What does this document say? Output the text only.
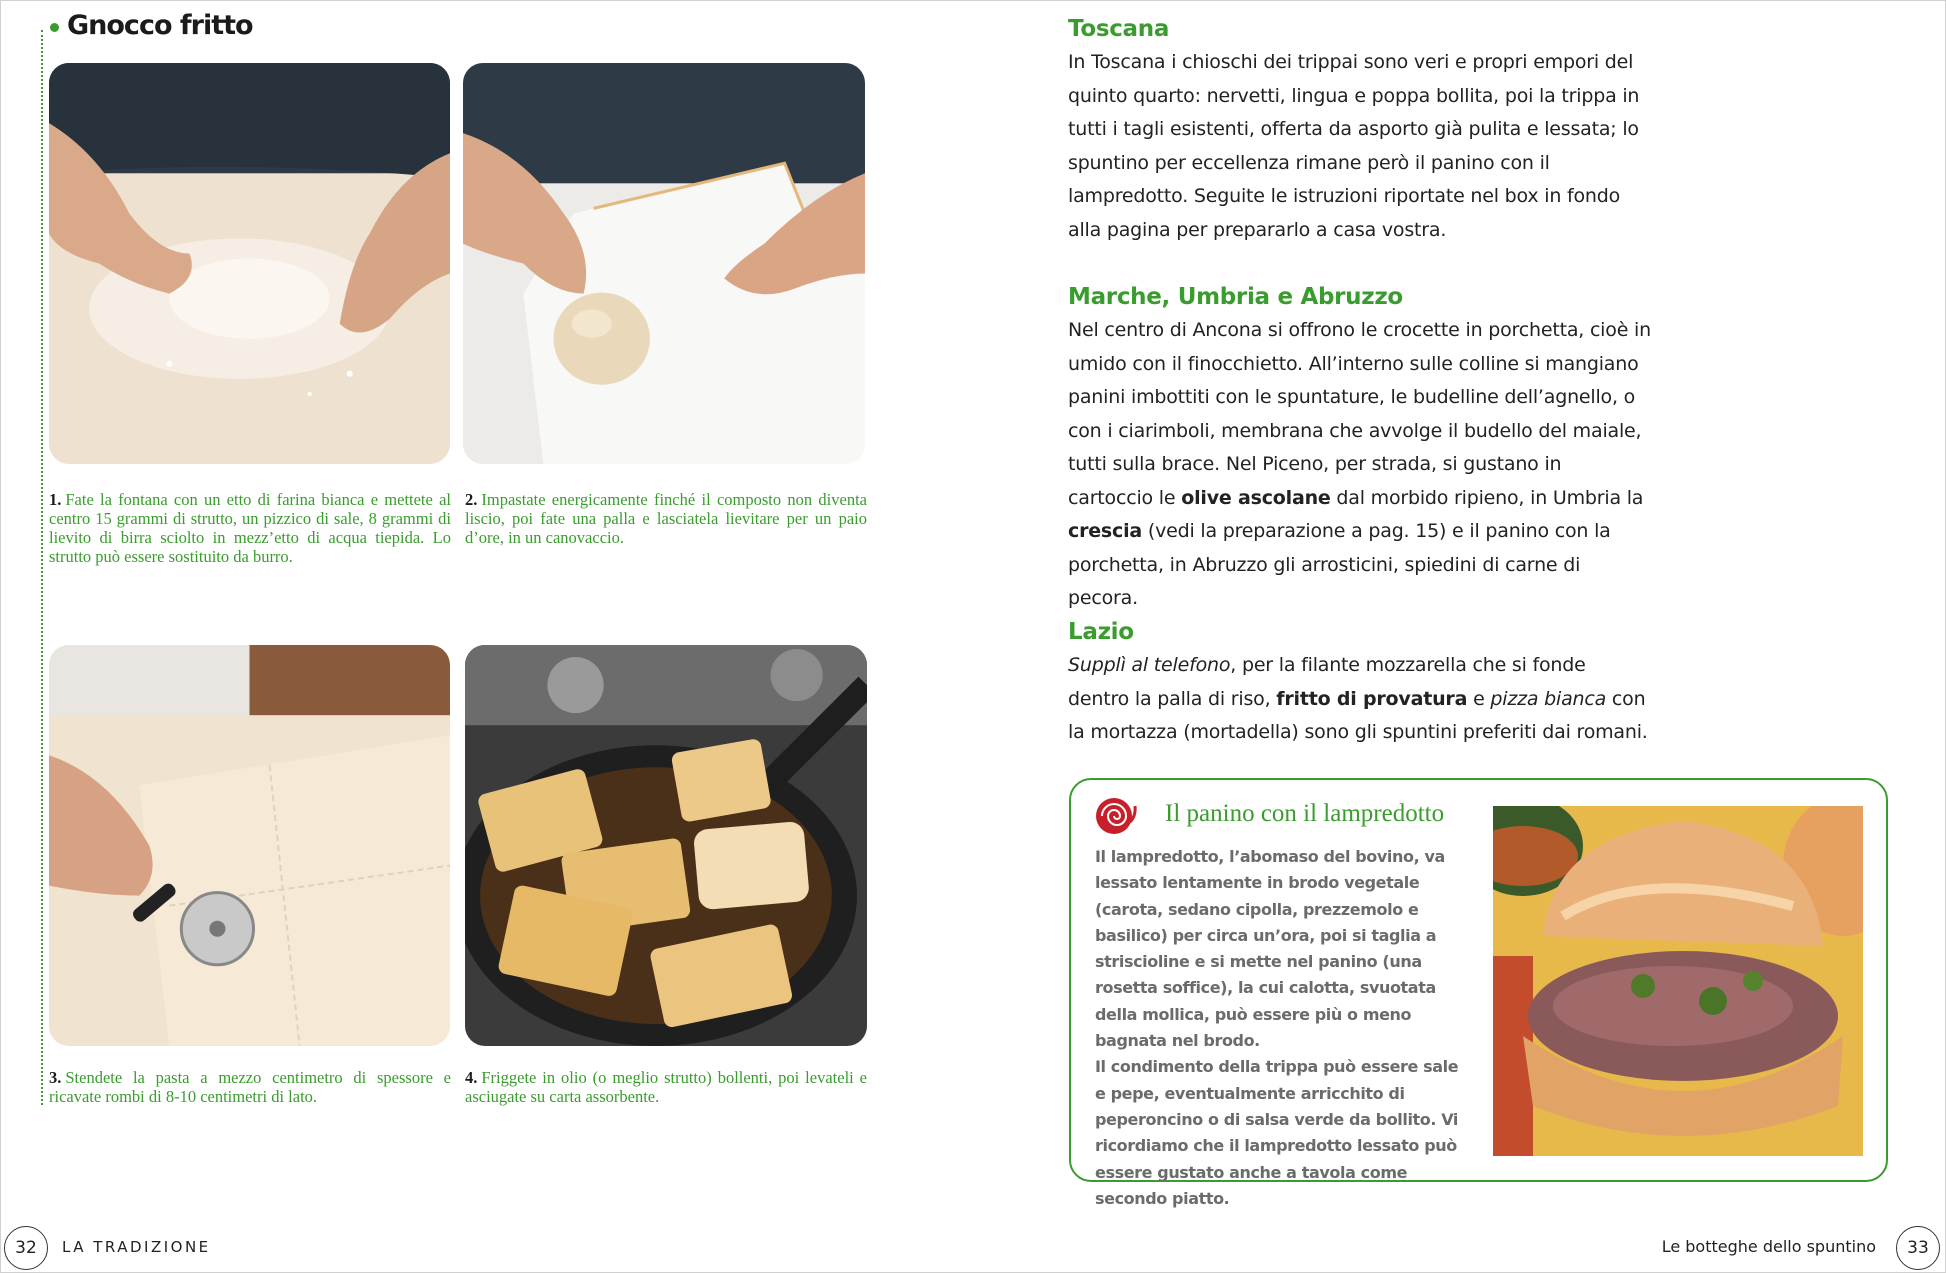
Gnocco fritto
1. Fate la fontana con un etto di farina bianca e mettete al centro 15 grammi di strutto, un pizzico di sale, 8 grammi di lievito di birra sciolto in mezz’etto di acqua tiepida. Lo strutto può essere sostituito da burro.
2. Impastate energicamente finché il composto non diventa liscio, poi fate una palla e lasciatela lievitare per un paio d’ore, in un canovaccio.
3. Stendete la pasta a mezzo centimetro di spessore e ricavate rombi di 8-10 centimetri di lato.
4. Friggete in olio (o meglio strutto) bollenti, poi levateli e asciugate su carta assorbente.
Toscana

In Toscana i chioschi dei trippai sono veri e propri empori del quinto quarto: nervetti, lingua e poppa bollita, poi la trippa in tutti i tagli esistenti, offerta da asporto già pulita e lessata; lo spuntino per eccellenza rimane però il panino con il lampredotto. Seguite le istruzioni riportate nel box in fondo alla pagina per prepararlo a casa vostra.

Marche, Umbria e Abruzzo

Nel centro di Ancona si offrono le crocette in porchetta, cioè in umido con il finocchietto. All’interno sulle colline si mangiano panini imbottiti con le spuntature, le budelline dell’agnello, o con i ciarimboli, membrana che avvolge il budello del maiale, tutti sulla brace. Nel Piceno, per strada, si gustano in cartoccio le olive ascolane dal morbido ripieno, in Umbria la crescia (vedi la preparazione a pag. 15) e il panino con la porchetta, in Abruzzo gli arrosticini, spiedini di carne di pecora.

Lazio

Supplì al telefono, per la filante mozzarella che si fonde dentro la palla di riso, fritto di provatura e pizza bianca con la mortazza (mortadella) sono gli spuntini preferiti dai romani.

Il panino con il lampredotto
Il lampredotto, l’abomaso del bovino, va lessato lentamente in brodo vegetale (carota, sedano cipolla, prezzemolo e basilico) per circa un’ora, poi si taglia a striscioline e si mette nel panino (una rosetta soffice), la cui calotta, svuotata della mollica, può essere più o meno bagnata nel brodo.
Il condimento della trippa può essere sale e pepe, eventualmente arricchito di peperoncino o di salsa verde da bollito. Vi ricordiamo che il lampredotto lessato può essere gustato anche a tavola come secondo piatto.
32	LA TRADIZIONE	Le botteghe dello spuntino	33
